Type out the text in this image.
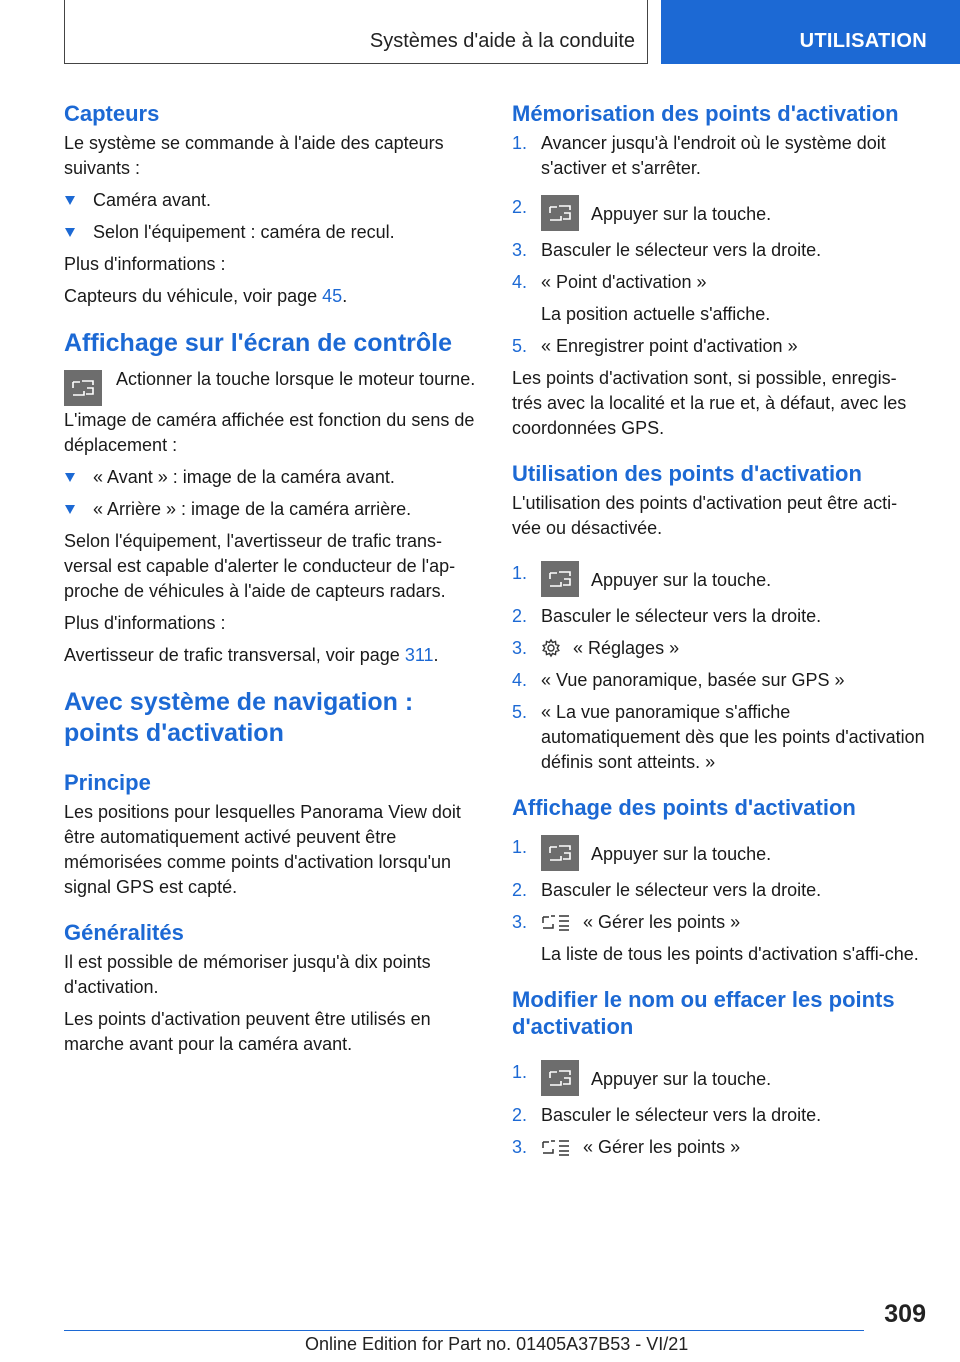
Systèmes d'aide à la conduite	UTILISATION
Capteurs
Le système se commande à l'aide des capteurs suivants :
Caméra avant.
Selon l'équipement : caméra de recul.
Plus d'informations :
Capteurs du véhicule, voir page 45.
Affichage sur l'écran de contrôle
Actionner la touche lorsque le moteur tourne.
L'image de caméra affichée est fonction du sens de déplacement :
« Avant » : image de la caméra avant.
« Arrière » : image de la caméra arrière.
Selon l'équipement, l'avertisseur de trafic trans-versal est capable d'alerter le conducteur de l'ap-proche de véhicules à l'aide de capteurs radars.
Plus d'informations :
Avertisseur de trafic transversal, voir page 311.
Avec système de navigation : points d'activation
Principe
Les positions pour lesquelles Panorama View doit être automatiquement activé peuvent être mémorisées comme points d'activation lorsqu'un signal GPS est capté.
Généralités
Il est possible de mémoriser jusqu'à dix points d'activation.
Les points d'activation peuvent être utilisés en marche avant pour la caméra avant.
Mémorisation des points d'activation
1. Avancer jusqu'à l'endroit où le système doit s'activer et s'arrêter.
2.	Appuyer sur la touche.
3. Basculer le sélecteur vers la droite.
4. « Point d'activation »
La position actuelle s'affiche.
5. « Enregistrer point d'activation »
Les points d'activation sont, si possible, enregis-trés avec la localité et la rue et, à défaut, avec les coordonnées GPS.
Utilisation des points d'activation
L'utilisation des points d'activation peut être acti-vée ou désactivée.
1.	Appuyer sur la touche.
2. Basculer le sélecteur vers la droite.
3.	« Réglages »
4. « Vue panoramique, basée sur GPS »
5. « La vue panoramique s'affiche automatiquement dès que les points d'activation définis sont atteints. »
Affichage des points d'activation
1.	Appuyer sur la touche.
2. Basculer le sélecteur vers la droite.
3.	« Gérer les points »
La liste de tous les points d'activation s'affi-che.
Modifier le nom ou effacer les points d'activation
1.	Appuyer sur la touche.
2. Basculer le sélecteur vers la droite.
3.	« Gérer les points »
309
Online Edition for Part no. 01405A37B53 - VI/21
